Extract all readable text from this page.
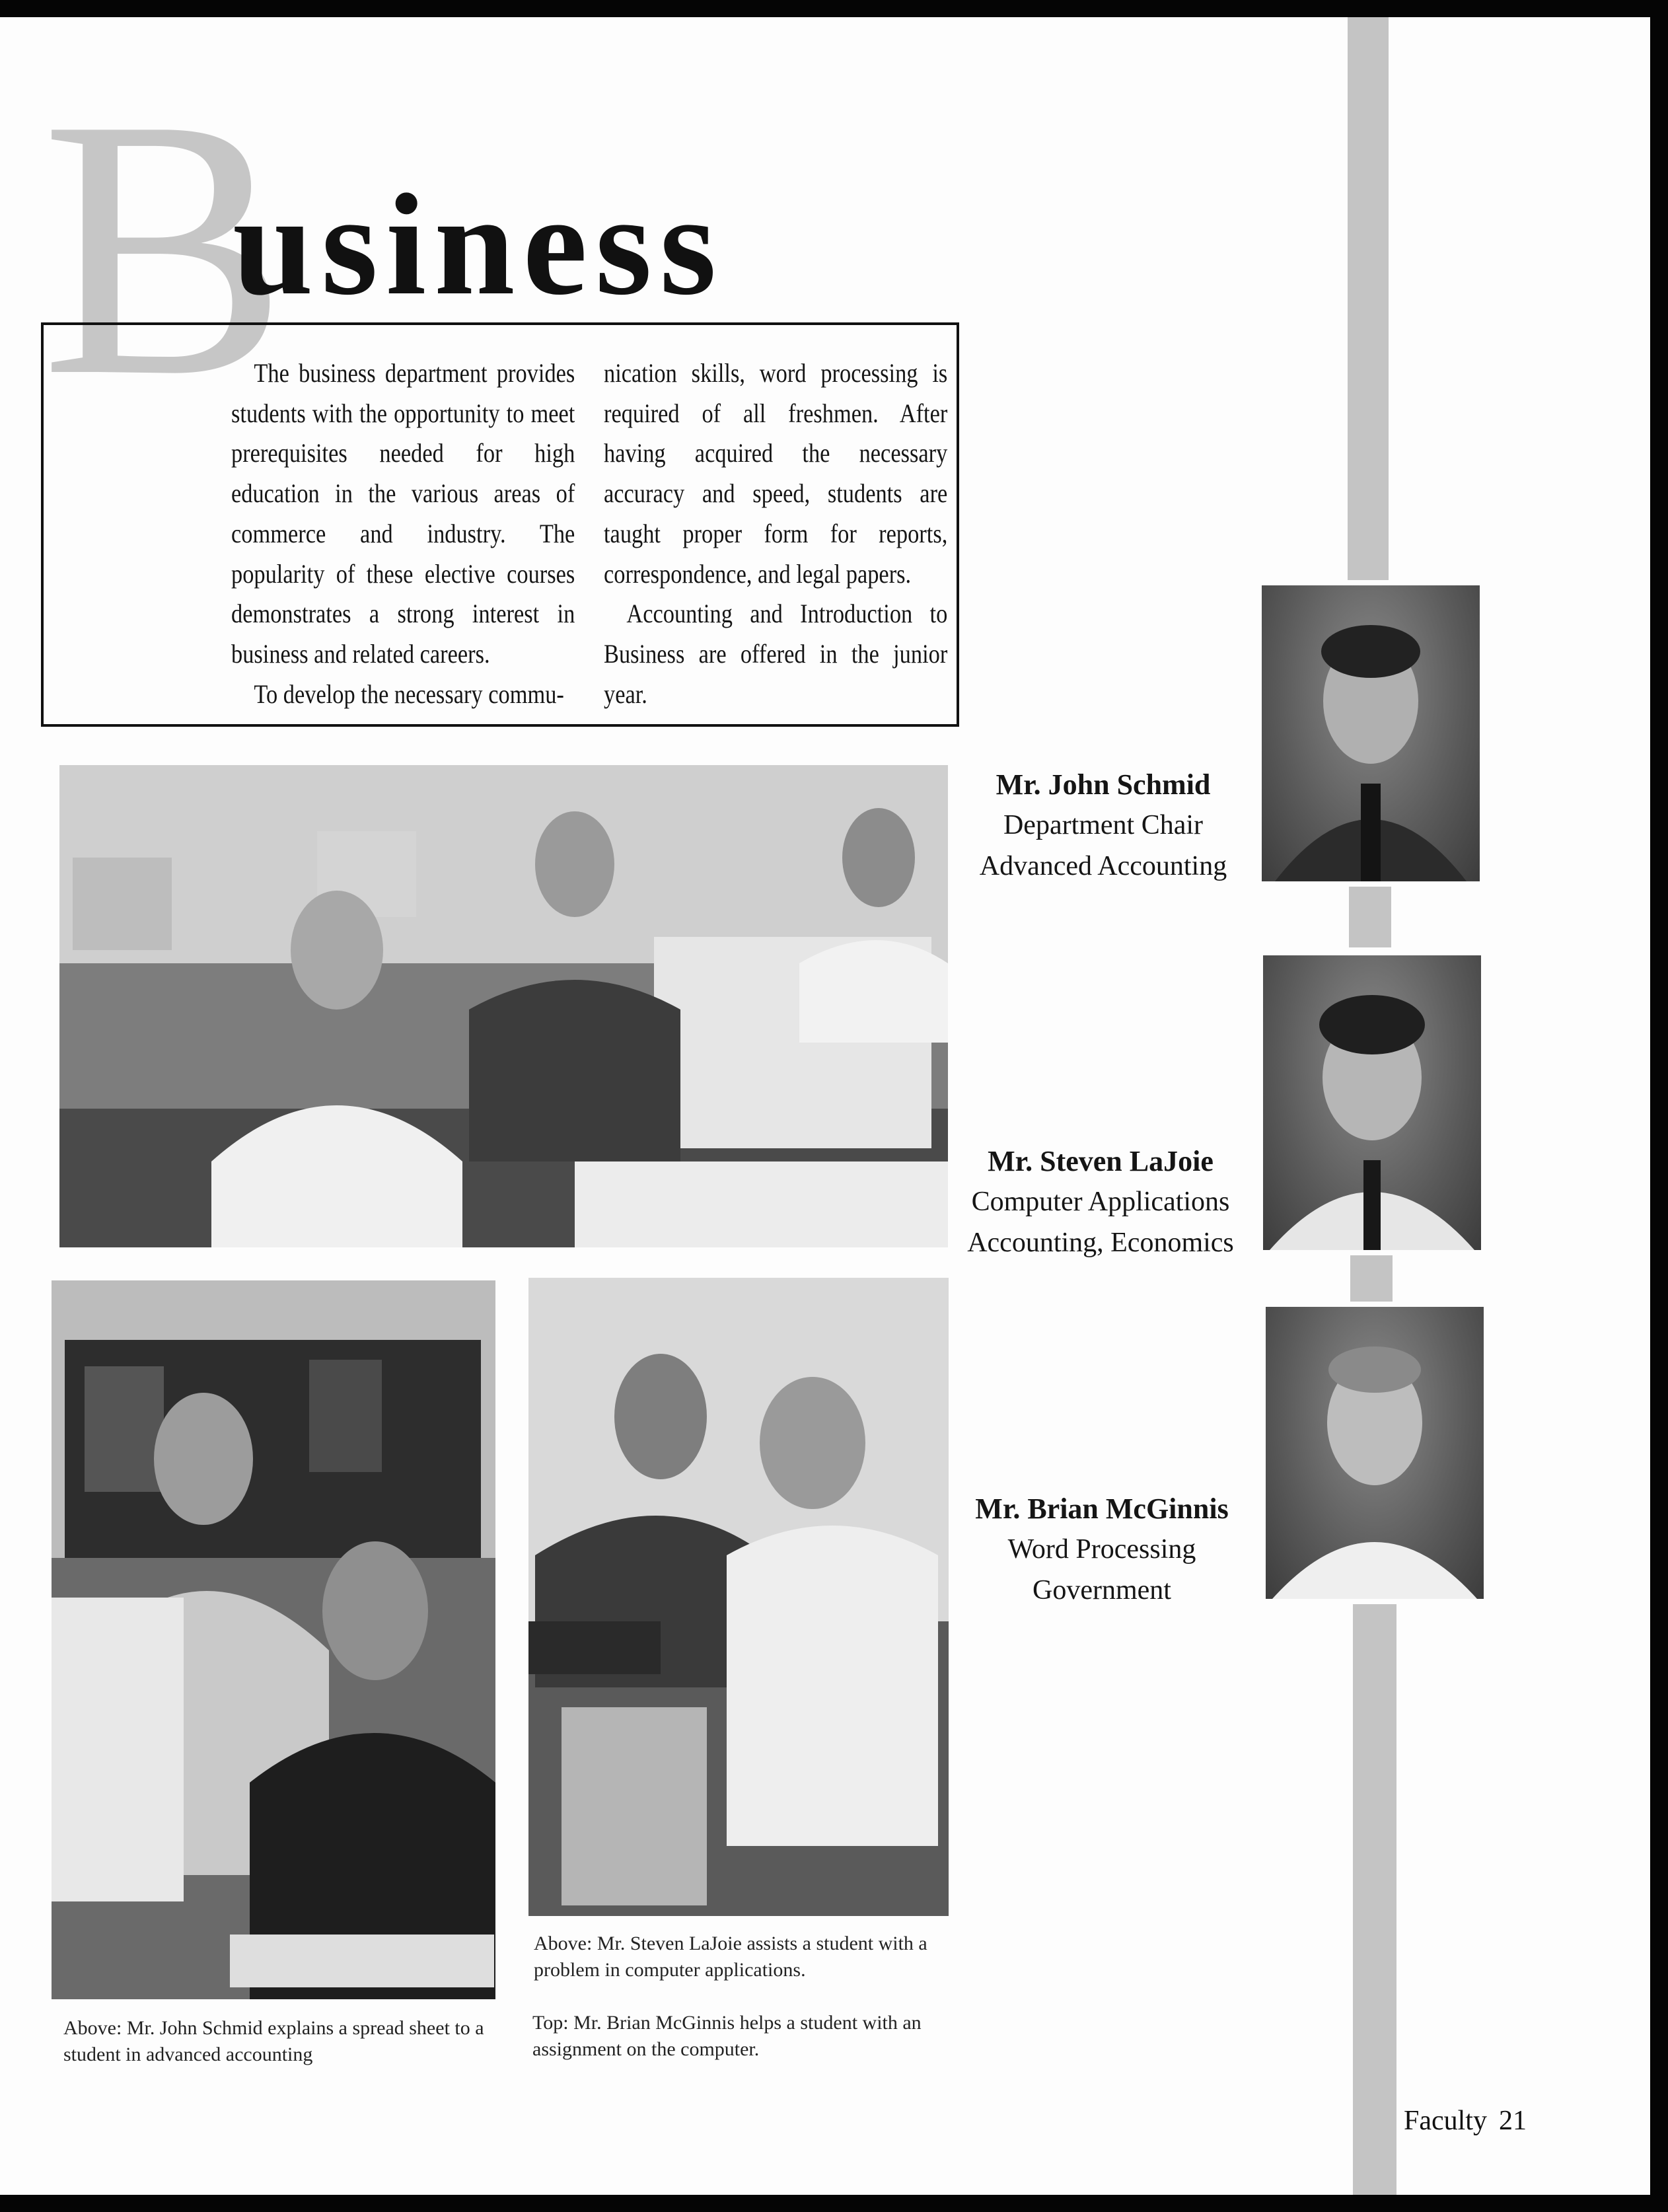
B
usiness

The business department provides students with the opportunity to meet prerequisites needed for high education in the various areas of commerce and industry. The popularity of these elective courses demonstrates a strong interest in business and related careers.

To develop the necessary commu-

nication skills, word processing is required of all freshmen. After having acquired the necessary accuracy and speed, students are taught proper form for reports, correspondence, and legal papers.

Accounting and Introduction to Business are offered in the junior year.

Mr. John Schmid
Department Chair
Advanced Accounting
Mr. Steven LaJoie
Computer Applications
Accounting, Economics
Mr. Brian McGinnis
Word Processing
Government
Above: Mr. John Schmid explains a spread sheet to a student in advanced accounting
Above: Mr. Steven LaJoie assists a student with a problem in computer applications.
Top: Mr. Brian McGinnis helps a student with an assignment on the computer.
Faculty 21
